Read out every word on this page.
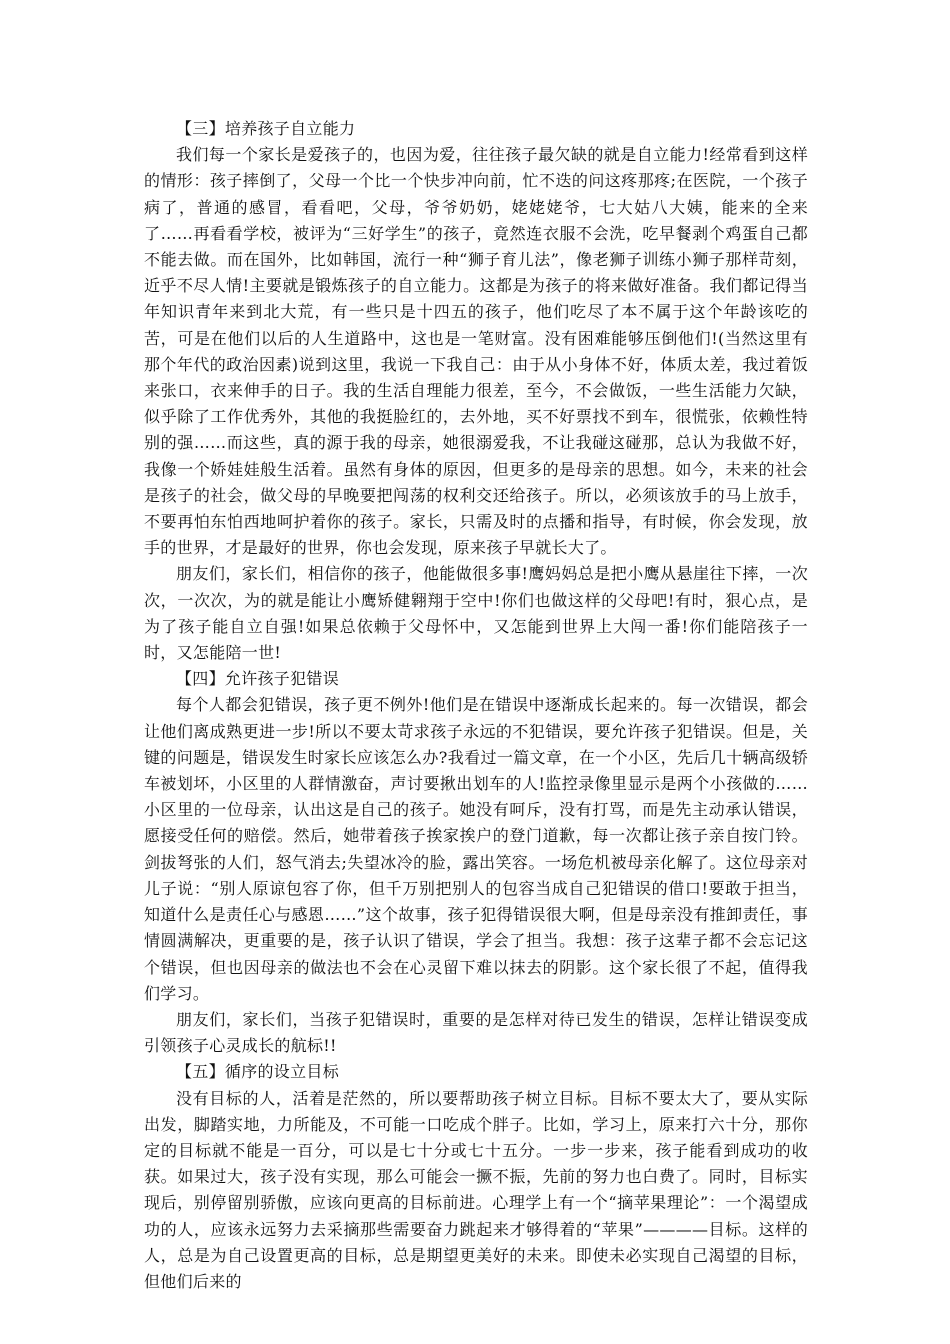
【三】培养孩子自立能力

我们每一个家长是爱孩子的，也因为爱，往往孩子最欠缺的就是自立能力!经常看到这样的情形：孩子摔倒了，父母一个比一个快步冲向前，忙不迭的问这疼那疼;在医院，一个孩子病了，普通的感冒，看看吧，父母，爷爷奶奶，姥姥姥爷，七大姑八大姨，能来的全来了……再看看学校，被评为“三好学生”的孩子，竟然连衣服不会洗，吃早餐剥个鸡蛋自己都不能去做。而在国外，比如韩国，流行一种“狮子育儿法”，像老狮子训练小狮子那样苛刻，近乎不尽人情!主要就是锻炼孩子的自立能力。这都是为孩子的将来做好准备。我们都记得当年知识青年来到北大荒，有一些只是十四五的孩子，他们吃尽了本不属于这个年龄该吃的苦，可是在他们以后的人生道路中，这也是一笔财富。没有困难能够压倒他们!(当然这里有那个年代的政治因素)说到这里，我说一下我自己：由于从小身体不好，体质太差，我过着饭来张口，衣来伸手的日子。我的生活自理能力很差，至今，不会做饭，一些生活能力欠缺，似乎除了工作优秀外，其他的我挺脸红的，去外地，买不好票找不到车，很慌张，依赖性特别的强……而这些，真的源于我的母亲，她很溺爱我，不让我碰这碰那，总认为我做不好，我像一个娇娃娃般生活着。虽然有身体的原因，但更多的是母亲的思想。如今，未来的社会是孩子的社会，做父母的早晚要把闯荡的权利交还给孩子。所以，必须该放手的马上放手，不要再怕东怕西地呵护着你的孩子。家长，只需及时的点播和指导，有时候，你会发现，放手的世界，才是最好的世界，你也会发现，原来孩子早就长大了。

朋友们，家长们，相信你的孩子，他能做很多事!鹰妈妈总是把小鹰从悬崖往下摔，一次次，一次次，为的就是能让小鹰矫健翱翔于空中!你们也做这样的父母吧!有时，狠心点，是为了孩子能自立自强!如果总依赖于父母怀中，又怎能到世界上大闯一番!你们能陪孩子一时，又怎能陪一世!

【四】允许孩子犯错误

每个人都会犯错误，孩子更不例外!他们是在错误中逐渐成长起来的。每一次错误，都会让他们离成熟更进一步!所以不要太苛求孩子永远的不犯错误，要允许孩子犯错误。但是，关键的问题是，错误发生时家长应该怎么办?我看过一篇文章，在一个小区，先后几十辆高级轿车被划坏，小区里的人群情激奋，声讨要揪出划车的人!监控录像里显示是两个小孩做的……小区里的一位母亲，认出这是自己的孩子。她没有呵斥，没有打骂，而是先主动承认错误，愿接受任何的赔偿。然后，她带着孩子挨家挨户的登门道歉，每一次都让孩子亲自按门铃。剑拔弩张的人们，怒气消去;失望冰冷的脸，露出笑容。一场危机被母亲化解了。这位母亲对儿子说：“别人原谅包容了你，但千万别把别人的包容当成自己犯错误的借口!要敢于担当，知道什么是责任心与感恩……”这个故事，孩子犯得错误很大啊，但是母亲没有推卸责任，事情圆满解决，更重要的是，孩子认识了错误，学会了担当。我想：孩子这辈子都不会忘记这个错误，但也因母亲的做法也不会在心灵留下难以抹去的阴影。这个家长很了不起，值得我们学习。

朋友们，家长们，当孩子犯错误时，重要的是怎样对待已发生的错误，怎样让错误变成引领孩子心灵成长的航标!!

【五】循序的设立目标

没有目标的人，活着是茫然的，所以要帮助孩子树立目标。目标不要太大了，要从实际出发，脚踏实地，力所能及，不可能一口吃成个胖子。比如，学习上，原来打六十分，那你定的目标就不能是一百分，可以是七十分或七十五分。一步一步来，孩子能看到成功的收获。如果过大，孩子没有实现，那么可能会一撅不振，先前的努力也白费了。同时，目标实现后，别停留别骄傲，应该向更高的目标前进。心理学上有一个“摘苹果理论”：一个渴望成功的人，应该永远努力去采摘那些需要奋力跳起来才够得着的“苹果”————目标。这样的人，总是为自己设置更高的目标，总是期望更美好的未来。即使未必实现自己渴望的目标，但他们后来的
